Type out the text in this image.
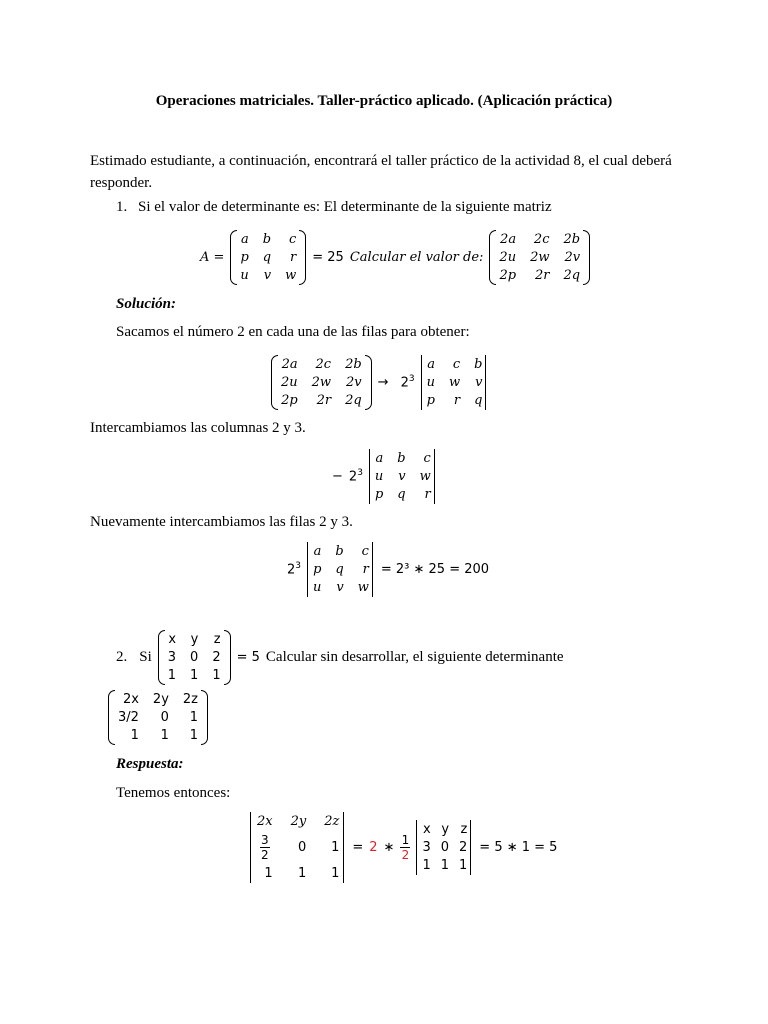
Operaciones matriciales. Taller-práctico aplicado. (Aplicación práctica)
Estimado estudiante, a continuación, encontrará el taller práctico de la actividad 8, el cual deberá responder.
1. Si el valor de determinante es: El determinante de la siguiente matriz
A =
a b c
p q	r
u v w
= 25 Calcular el valor de:
2a 2c 2b
2u 2w 2v
2p	2r 2q
Solución:
Sacamos el número 2 en cada una de las filas para obtener:
2a 2c 2b
2u 2w 2v
2p	2r 2q
→ $2^3$
a c b
u w v
p	r q
Intercambiamos las columnas 2 y 3.
− $2^3$
a b c
u v w
p q	r
Nuevamente intercambiamos las filas 2 y 3.
$2^3$
a b c
p q	r
u v w
= 2³ ∗ 25 = 200
2. Si
x y z
3 0 2
1 1 1
= 5 Calcular sin desarrollar, el siguiente determinante
2x 2y 2z
3/2	0	1
1	1	1
Respuesta:
Tenemos entonces:
2x 2y 2z
$\frac{3}{2}$	0	1
1	1	1
= 2 ∗ $\frac{1}{2}$
x y z
3 0 2
1 1 1
= 5 ∗ 1 = 5
